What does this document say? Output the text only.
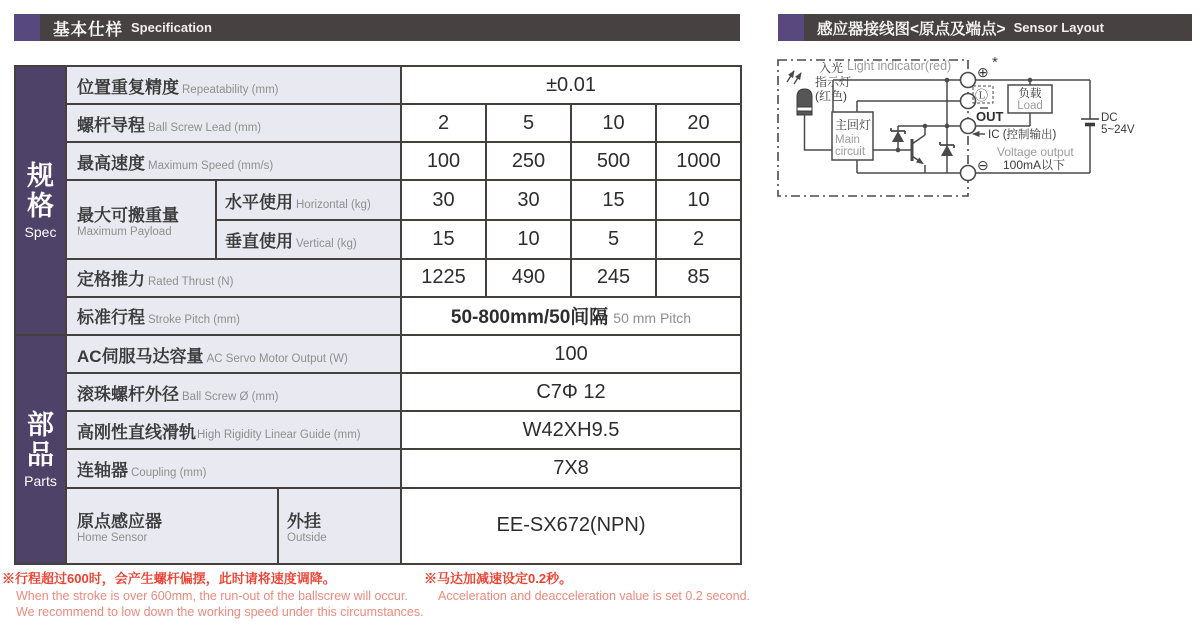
基本仕样 Specification	感应器接线图<原点及端点> Sensor Layout
规格
Spec	位置重复精度 Repeatability (mm)			±0.01			
	螺杆导程 Ball Screw Lead (mm)			2	5	10	20
	最高速度 Maximum Speed (mm/s)			100	250	500	1000

	最大可搬重量
Maximum Payload	水平使用 Horizontal (kg)		30	30	15	10
		垂直使用 Vertical (kg)		15	10	5	2
	定格推力 Rated Thrust (N)			1225	490	245	85
	标准行程 Stroke Pitch (mm)			50-800mm/50间隔 50 mm Pitch			

部品
Parts	AC伺服马达容量 AC Servo Motor Output (W)			100			
	滚珠螺杆外径 Ball Screw Ø (mm)			C7Φ 12			
	高刚性直线滑轨High Rigidity Linear Guide (mm)			W42XH9.5			
	连轴器 Coupling (mm)			7X8			

	原点感应器
Home Sensor		外挂
Outside	EE-SX672(NPN)			
※行程超过600时，会产生螺杆偏摆，此时请将速度调降。
When the stroke is over 600mm, the run-out of the ballscrew will occur.
We recommend to low down the working speed under this circumstances.
※马达加减速设定0.2秒。
Acceleration and deacceleration value is set 0.2 second.
入光
指示灯
(红色)
Light indicator(red)
主回灯
Main
circuit
⊕
*
Ⓛ
OUT
IC (控制输出)
⊖
负载
Load
DC
5~24V
Voltage output
100mA以下
